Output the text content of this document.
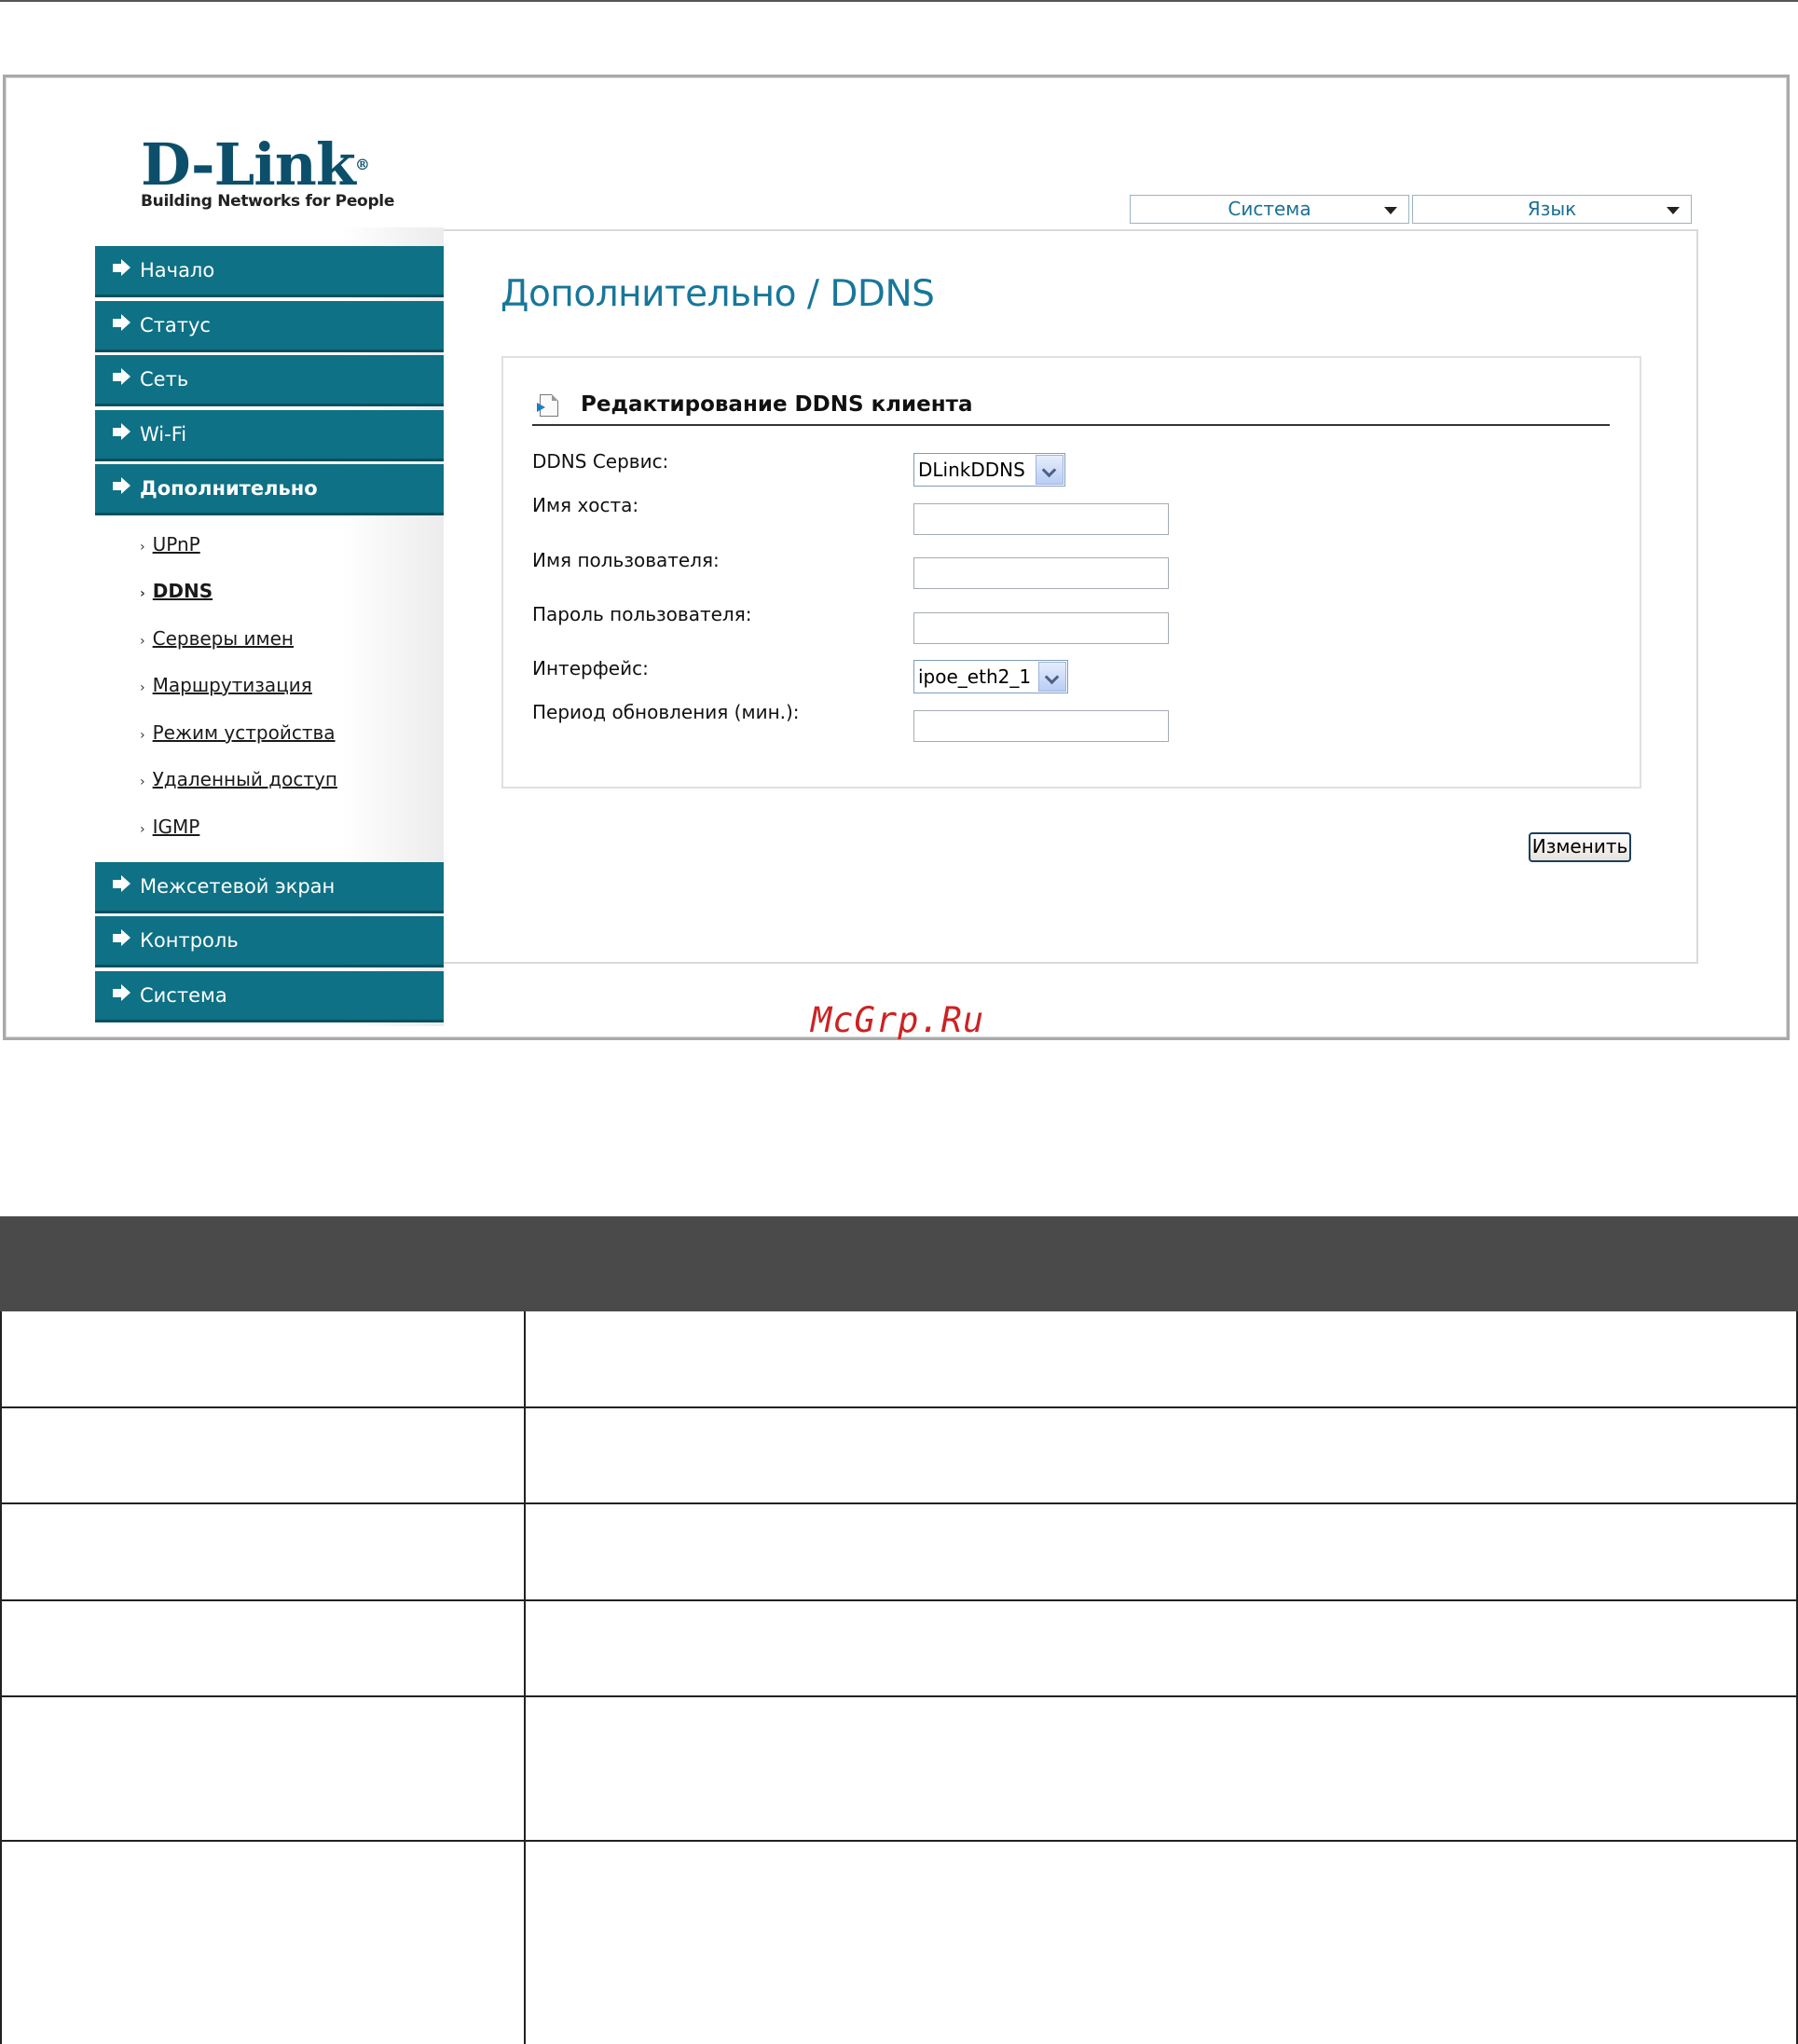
D-Link®
Building Networks for People	Система	Язык
Начало
Статус
Сеть
Wi-Fi
Дополнительно
› UPnP
› DDNS
› Серверы имен
› Маршрутизация
› Режим устройства
› Удаленный доступ
› IGMP
Межсетевой экран
Контроль
Система
Дополнительно / DDNS
Редактирование DDNS клиента
DDNS Сервис:	DLinkDDNS
Имя хоста:
Имя пользователя:
Пароль пользователя:
Интерфейс:	ipoe_eth2_1
Период обновления (мин.):
Изменить
McGrp.Ru
